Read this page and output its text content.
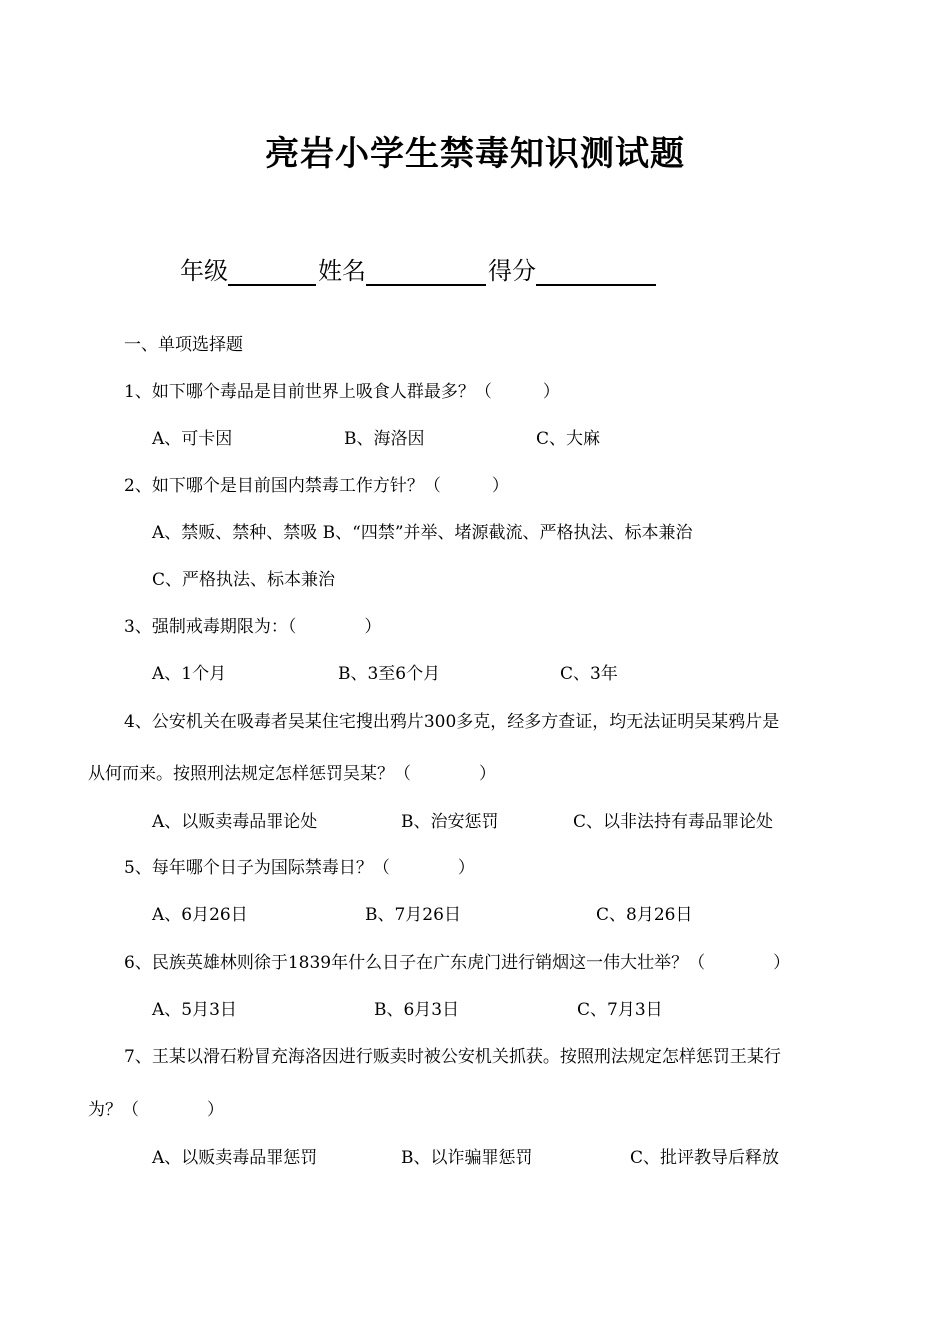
亮岩小学生禁毒知识测试题
年级	姓名	得分
一、单项选择题
1、如下哪个毒品是目前世界上吸食人群最多？（　　　）
A、可卡因	B、海洛因	C、大麻
2、如下哪个是目前国内禁毒工作方针？（　　　）
A、禁贩、禁种、禁吸 B、“四禁”并举、堵源截流、严格执法、标本兼治
C、严格执法、标本兼治
3、强制戒毒期限为：（　　　　）
A、1个月	B、3至6个月	C、3年
4、公安机关在吸毒者吴某住宅搜出鸦片300多克，经多方查证，均无法证明吴某鸦片是
从何而来。按照刑法规定怎样惩罚吴某？（　　　　）
A、以贩卖毒品罪论处	B、治安惩罚	C、以非法持有毒品罪论处
5、每年哪个日子为国际禁毒日？（　　　　）
A、6月26日	B、7月26日	C、8月26日
6、民族英雄林则徐于1839年什么日子在广东虎门进行销烟这一伟大壮举？（　　　　）
A、5月3日	B、6月3日	C、7月3日
7、王某以滑石粉冒充海洛因进行贩卖时被公安机关抓获。按照刑法规定怎样惩罚王某行
为？（　　　　）
A、以贩卖毒品罪惩罚	B、以诈骗罪惩罚	C、批评教导后释放
